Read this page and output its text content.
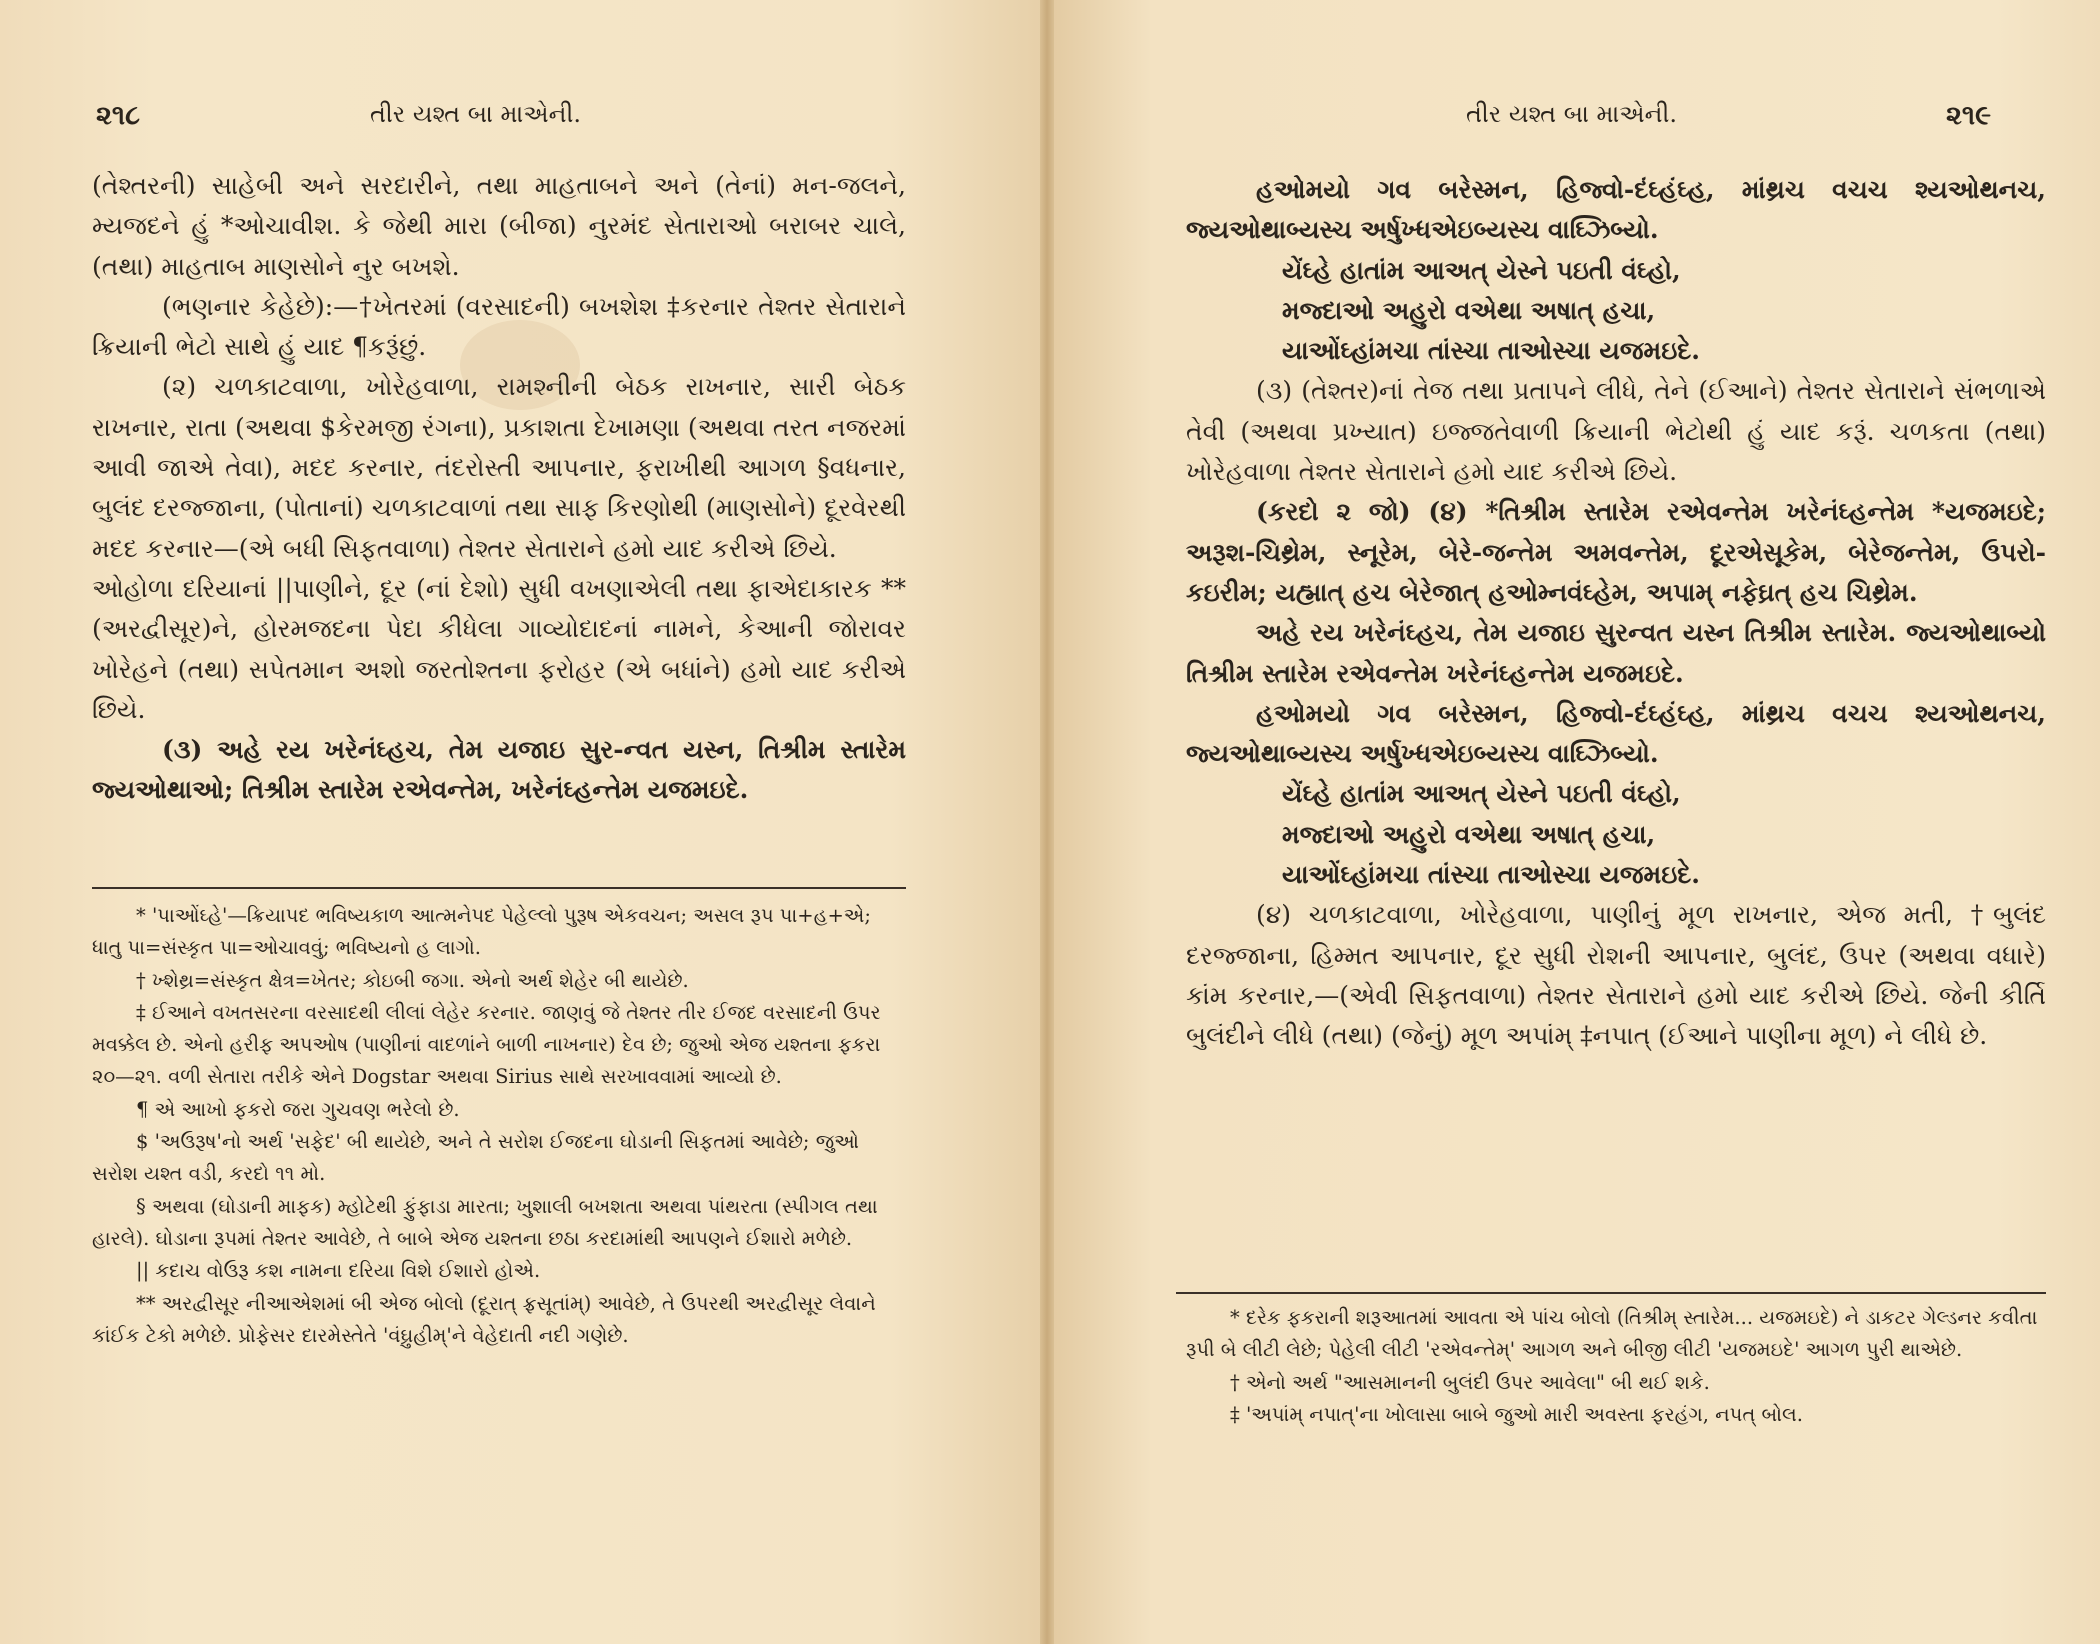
૨૧૮	તીર યશ્ત બા માએની.

(તેશ્તરની) સાહેબી અને સરદારીને, તથા માહતાબને અને (તેનાં) મન-જલને, મ્યજદને હું *ઓચાવીશ. કે જેથી મારા (બીજા) નુરમંદ સેતારાઓ બરાબર ચાલે, (તથા) માહતાબ માણસોને નુર બખશે.

(ભણનાર કેહેછે):—†ખેતરમાં (વરસાદની) બખશેશ ‡કરનાર તેશ્તર સેતારાને ક્રિયાની ભેટો સાથે હું યાદ ¶કરૂંછું.

(૨) ચળકાટવાળા, ખોરેહવાળા, રામશ્નીની બેઠક રાખનાર, સારી બેઠક રાખનાર, રાતા (અથવા $કેરમજી રંગના), પ્રકાશતા દેખામણા (અથવા તરત નજરમાં આવી જાએ તેવા), મદદ કરનાર, તંદરોસ્તી આપનાર, ફરાખીથી આગળ §વધનાર, બુલંદ દરજ્જાના, (પોતાનાં) ચળકાટવાળાં તથા સાફ કિરણોથી (માણસોને) દૂરવેરથી મદદ કરનાર—(એ બધી સિફતવાળા) તેશ્તર સેતારાને હમો યાદ કરીએ છિયે.

ઓહોળા દરિયાનાં ||પાણીને, દૂર (નાં દેશો) સુધી વખણાએલી તથા ફાએદાકારક **(અરદ્વીસૂર)ને, હોરમજદના પેદા કીધેલા ગાવ્યોદાદનાં નામને, કેઆની જોરાવર ખોરેહને (તથા) સપેતમાન અશો જરતોશ્તના ફરોહર (એ બધાંને) હમો યાદ કરીએ છિયે.

(૩) અહે રય ખરેનંઘ્હચ, તેમ યજાઇ સુર-ન્વત યસ્ન, તિશ્રીમ સ્તારેમ જ્યઓથાઓ; તિશ્રીમ સ્તારેમ રએવન્તેમ, ખરેનંઘ્હન્તેમ યજમઇદે.

* 'પાઓંઘ્હે'—ક્રિયાપદ ભવિષ્યકાળ આત્મનેપદ પેહેલ્લો પુરૂષ એકવચન; અસલ રૂપ પા+હ+એ; ધાતુ પા=સંસ્કૃત પા=ઓચાવવું; ભવિષ્યનો હ લાગો.

† ખ્શેથ્ર=સંસ્કૃત ક્ષેત્ર=ખેતર; કોઇબી જગા. એનો અર્થ શેહેર બી થાયેછે.

‡ ઈઆને વખતસરના વરસાદથી લીલાં લેહેર કરનાર. જાણવું જે તેશ્તર તીર ઈજદ વરસાદની ઉપર મવક્કેલ છે. એનો હરીફ અપઓષ (પાણીનાં વાદળાંને બાળી નાખનાર) દેવ છે; જુઓ એજ યશ્તના ફકરા ૨૦—૨૧. વળી સેતારા તરીકે એને Dogstar અથવા Sirius સાથે સરખાવવામાં આવ્યો છે.

¶ એ આખો ફકરો જરા ગુચવણ ભરેલો છે.

$ 'અઉરૂષ'નો અર્થ 'સફેદ' બી થાયેછે, અને તે સરોશ ઈજદના ઘોડાની સિફતમાં આવેછે; જુઓ સરોશ યશ્ત વડી, કરદો ૧૧ મો.

§ અથવા (ઘોડાની માફક) મ્હોટેથી ફુંફાડા મારતા; ખુશાલી બખશતા અથવા પાંથરતા (સ્પીગલ તથા હારલે). ઘોડાના રૂપમાં તેશ્તર આવેછે, તે બાબે એજ યશ્તના છઠા કરદામાંથી આપણને ઈશારો મળેછે.

|| કદાચ વોઉરૂ કશ નામના દરિયા વિશે ઈશારો હોએ.

** અરદ્વીસૂર નીઆએશમાં બી એજ બોલો (દૂરાત્ ફ્રસૂતાંમ્) આવેછે, તે ઉપરથી અરદ્વીસૂર લેવાને કાંઈક ટેકો મળેછે. પ્રોફેસર દારમેસ્તેતે 'વંઘ્રુહીમ્'ને વેહેદાતી નદી ગણેછે.

તીર યશ્ત બા માએની.	૨૧૯

હઓમયો ગવ બરેસ્મન, હિજ્વો-દંઘ્હંઘ્હ, માંથ્રચ વચચ શ્યઓથનચ, જ્યઓથાબ્યસ્ચ અર્ષુખ્ધએઇબ્યસ્ચ વાઘ્ઝિબ્યો.

યેંઘ્હે હાતાંમ આઅત્ યેસ્ને પઇતી વંઘ્હો,
મજ્દાઓ અહુરો વએથા અષાત્ હચા,
યાઓંઘ્હાંમચા તાંસ્ચા તાઓસ્ચા યજમઇદે.

(૩) (તેશ્તર)નાં તેજ તથા પ્રતાપને લીધે, તેને (ઈઆને) તેશ્તર સેતારાને સંભળાએ તેવી (અથવા પ્રખ્યાત) ઇજ્જતેવાળી ક્રિયાની ભેટોથી હું યાદ કરૂં. ચળકતા (તથા) ખોરેહવાળા તેશ્તર સેતારાને હમો યાદ કરીએ છિયે.

(કરદો ૨ જો) (૪) *તિશ્રીમ સ્તારેમ રએવન્તેમ ખરેનંઘ્હન્તેમ *યજમઇદે; અરૂશ-ચિથ્રેમ, સ્નૂરેમ, બેરે-જન્તેમ અમવન્તેમ, દૂરએસૂકેમ, બેરેજન્તેમ, ઉપરો-કઇરીમ; યહ્માત્ હચ બેરેજાત્ હઓમ્નવંઘ્હેમ, અપામ્ નફેઘ્રત્ હચ ચિથ્રેમ.

અહે રય ખરેનંઘ્હચ, તેમ યજાઇ સુરન્વત યસ્ન તિશ્રીમ સ્તારેમ. જ્યઓથાબ્યો તિશ્રીમ સ્તારેમ રએવન્તેમ ખરેનંઘ્હન્તેમ યજમઇદે.

હઓમયો ગવ બરેસ્મન, હિજ્વો-દંઘ્હંઘ્હ, માંથ્રચ વચચ શ્યઓથનચ, જ્યઓથાબ્યસ્ચ અર્ષુખ્ધએઇબ્યસ્ચ વાઘ્ઝિબ્યો.

યેંઘ્હે હાતાંમ આઅત્ યેસ્ને પઇતી વંઘ્હો,
મજ્દાઓ અહુરો વએથા અષાત્ હચા,
યાઓંઘ્હાંમચા તાંસ્ચા તાઓસ્ચા યજમઇદે.

(૪) ચળકાટવાળા, ખોરેહવાળા, પાણીનું મૂળ રાખનાર, એજ મતી, †બુલંદ દરજ્જાના, હિમ્મત આપનાર, દૂર સુધી રોશની આપનાર, બુલંદ, ઉપર (અથવા વધારે) કાંમ કરનાર,—(એવી સિફતવાળા) તેશ્તર સેતારાને હમો યાદ કરીએ છિયે. જેની કીર્તિ બુલંદીને લીધે (તથા) (જેનું) મૂળ અપાંમ્ ‡નપાત્ (ઈઆને પાણીના મૂળ) ને લીધે છે.

* દરેક ફકરાની શરૂઆતમાં આવતા એ પાંચ બોલો (તિશ્રીમ્ સ્તારેમ... યજમઇદે) ને ડાકટર ગેલ્ડનર કવીતા રૂપી બે લીટી લેછે; પેહેલી લીટી 'રએવન્તેમ્' આગળ અને બીજી લીટી 'યજમઇદે' આગળ પુરી થાએછે.

† એનો અર્થ "આસમાનની બુલંદી ઉપર આવેલા" બી થઈ શકે.

‡ 'અપાંમ્ નપાત્'ના ખોલાસા બાબે જુઓ મારી અવસ્તા ફરહંગ, નપત્ બોલ.
